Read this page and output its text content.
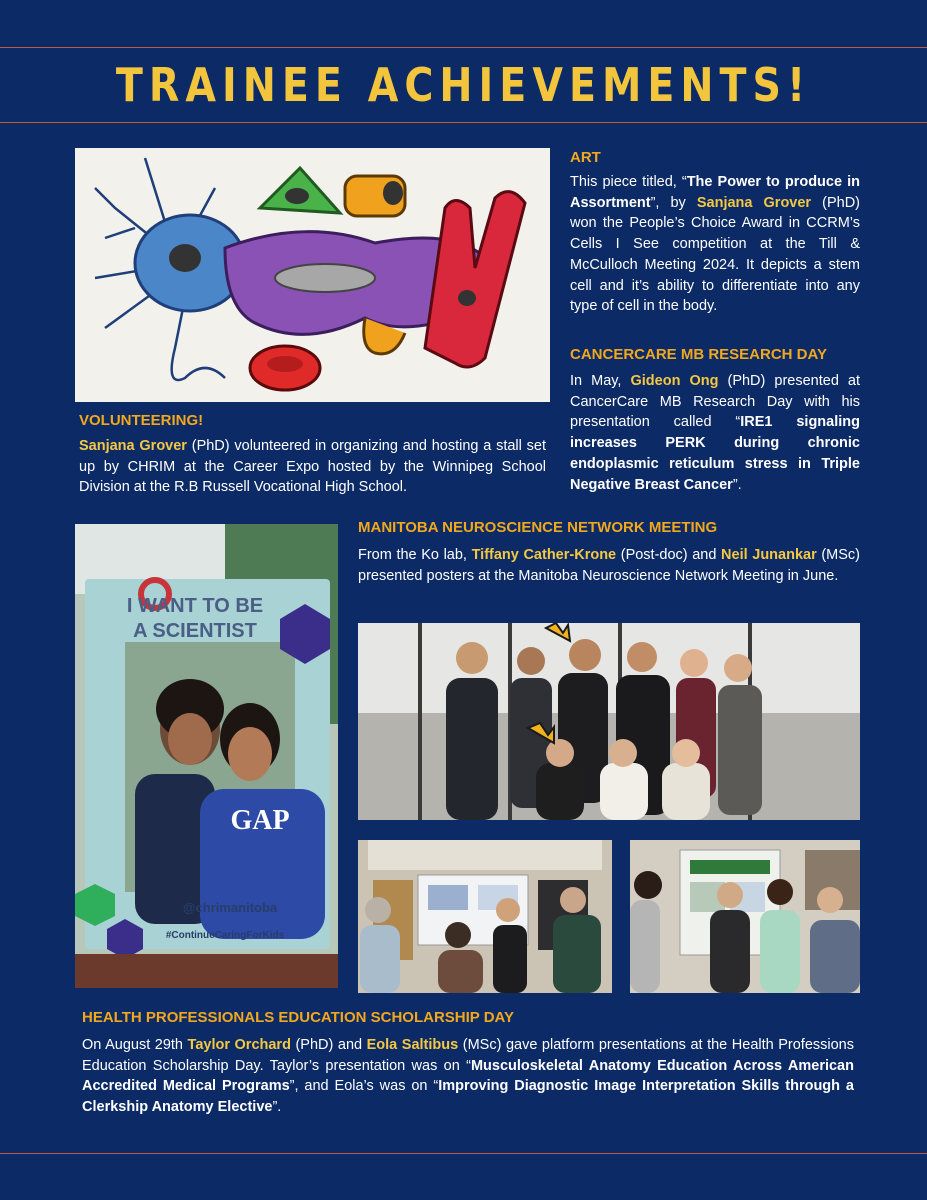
TRAINEE ACHIEVEMENTS!
ART
This piece titled, “The Power to produce in Assortment”, by Sanjana Grover (PhD) won the People’s Choice Award in CCRM’s Cells I See competition at the Till & McCulloch Meeting 2024. It depicts a stem cell and it’s ability to differentiate into any type of cell in the body.
CANCERCARE MB RESEARCH DAY
In May, Gideon Ong (PhD) presented at CancerCare MB Research Day with his presentation called “IRE1 signaling increases PERK during chronic endoplasmic reticulum stress in Triple Negative Breast Cancer”.
VOLUNTEERING!
Sanjana Grover (PhD) volunteered in organizing and hosting a stall set up by CHRIM at the Career Expo hosted by the Winnipeg School Division at the R.B Russell Vocational High School.
MANITOBA NEUROSCIENCE NETWORK MEETING
From the Ko lab, Tiffany Cather-Krone (Post-doc) and Neil Junankar (MSc) presented posters at the Manitoba Neuroscience Network Meeting in June.
I WANT TO BE
A SCIENTIST
GAP
@chrimanitoba
#ContinueCaringForKids
HEALTH PROFESSIONALS EDUCATION SCHOLARSHIP DAY
On August 29th Taylor Orchard (PhD) and Eola Saltibus (MSc) gave platform presentations at the Health Professions Education Scholarship Day. Taylor’s presentation was on “Musculoskeletal Anatomy Education Across American Accredited Medical Programs”, and Eola’s was on “Improving Diagnostic Image Interpretation Skills through a Clerkship Anatomy Elective”.
